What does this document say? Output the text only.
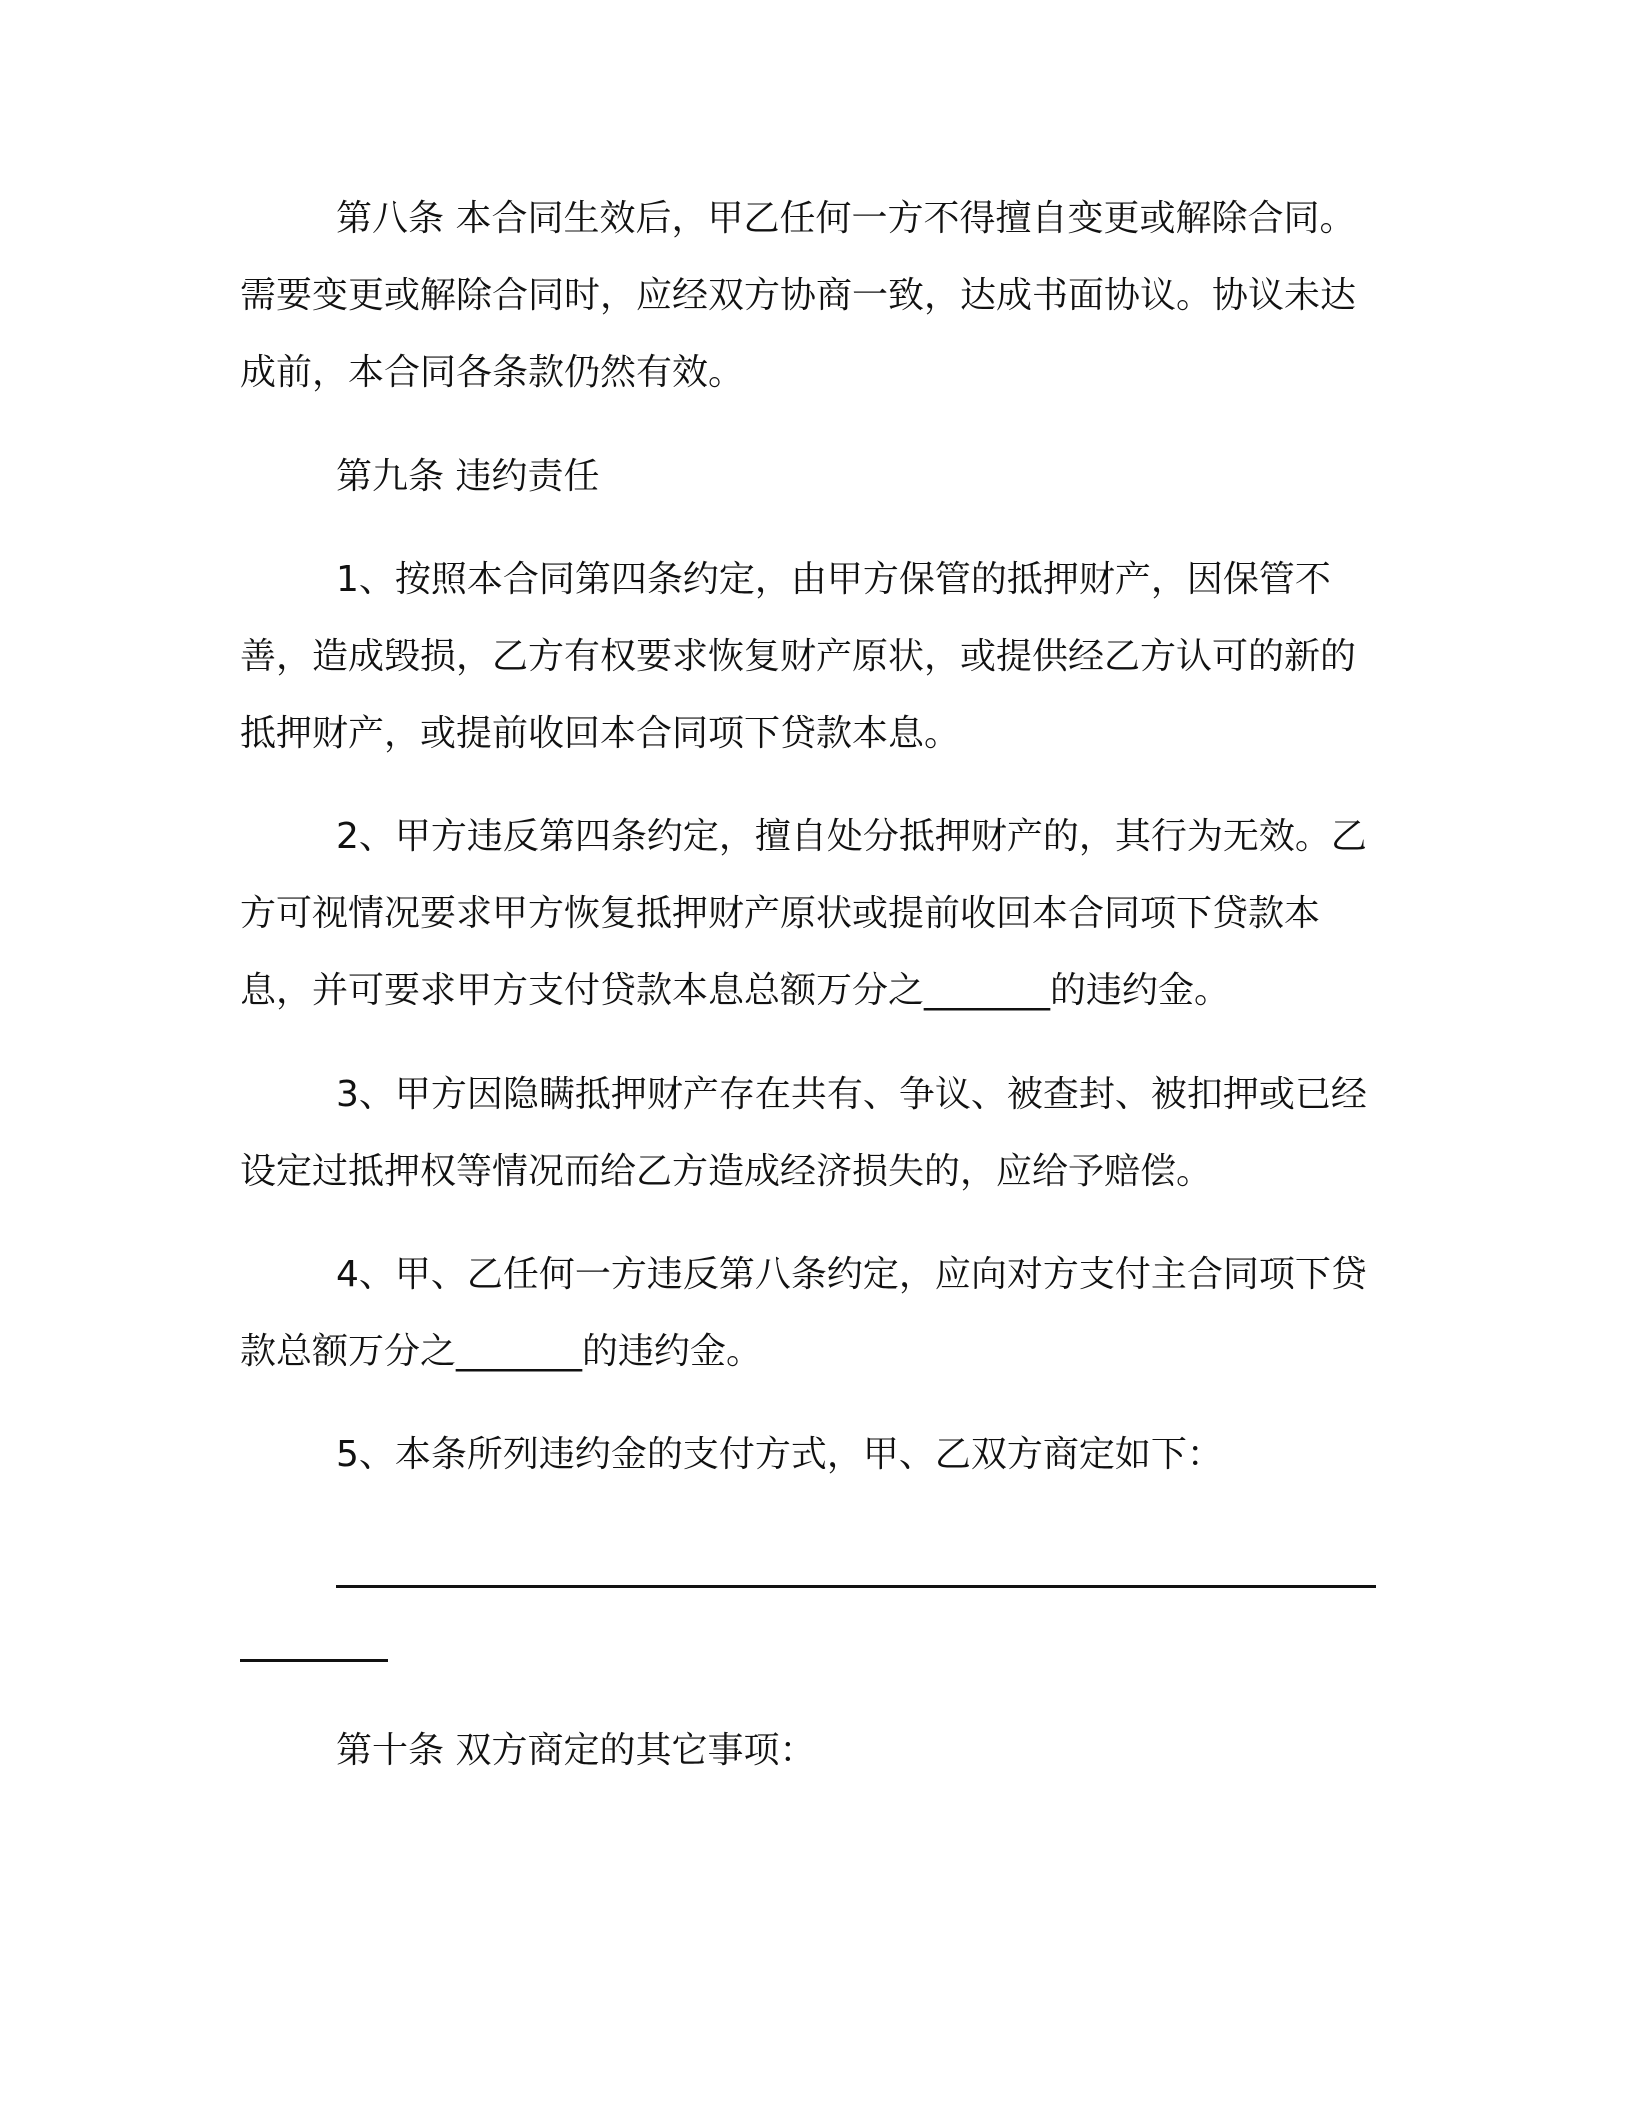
第八条 本合同生效后，甲乙任何一方不得擅自变更或解除合同。需要变更或解除合同时，应经双方协商一致，达成书面协议。协议未达成前，本合同各条款仍然有效。

第九条 违约责任

1、按照本合同第四条约定，由甲方保管的抵押财产，因保管不善，造成毁损，乙方有权要求恢复财产原状，或提供经乙方认可的新的抵押财产，或提前收回本合同项下贷款本息。

2、甲方违反第四条约定，擅自处分抵押财产的，其行为无效。乙方可视情况要求甲方恢复抵押财产原状或提前收回本合同项下贷款本息，并可要求甲方支付贷款本息总额万分之_______的违约金。

3、甲方因隐瞒抵押财产存在共有、争议、被查封、被扣押或已经设定过抵押权等情况而给乙方造成经济损失的，应给予赔偿。

4、甲、乙任何一方违反第八条约定，应向对方支付主合同项下贷款总额万分之_______的违约金。

5、本条所列违约金的支付方式，甲、乙双方商定如下：

第十条 双方商定的其它事项：
